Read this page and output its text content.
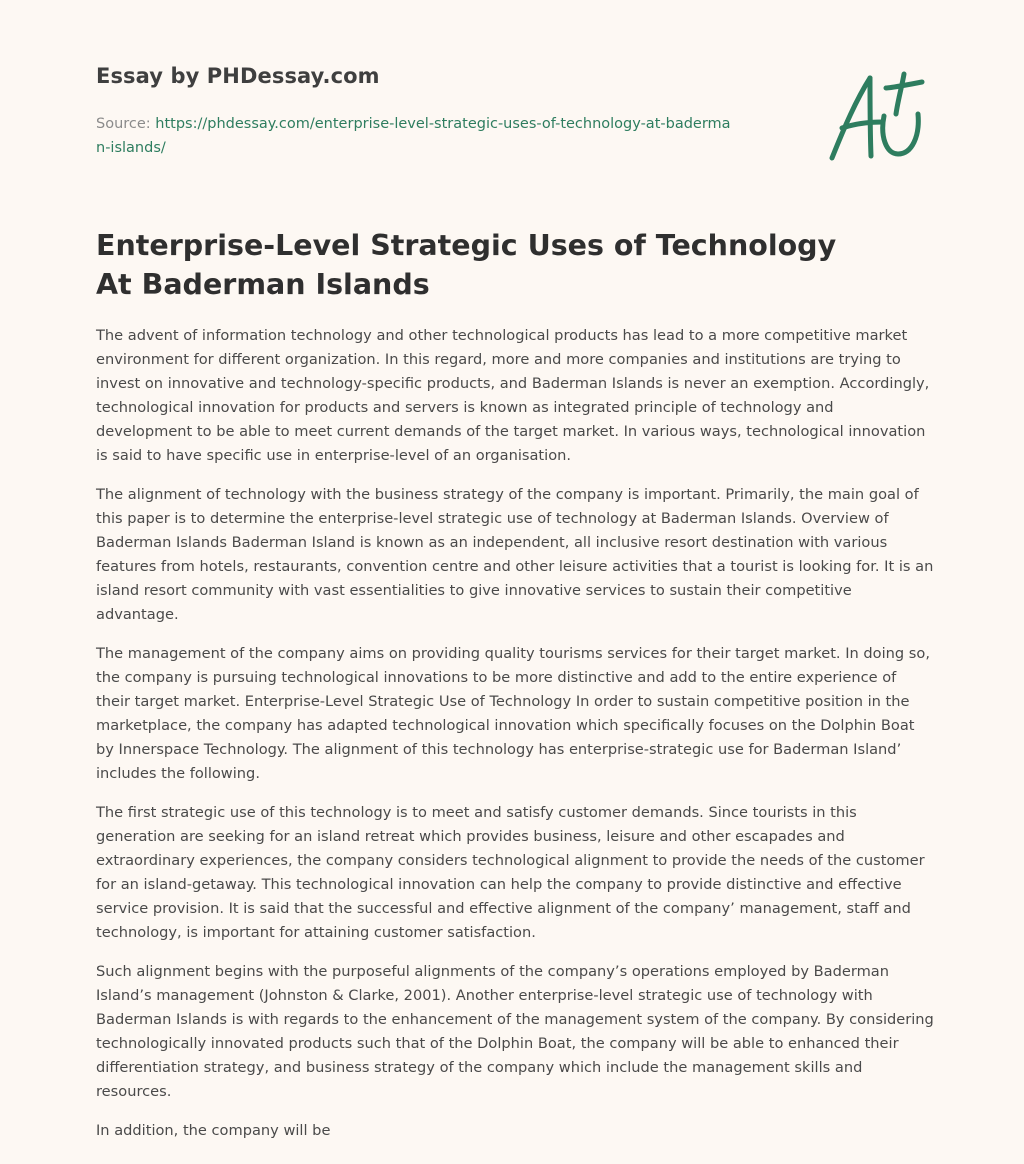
Essay by PHDessay.com
Source: https://phdessay.com/enterprise-level-strategic-uses-of-technology-at-baderman-islands/
Enterprise-Level Strategic Uses of Technology At Baderman Islands

The advent of information technology and other technological products has lead to a more competitive market environment for different organization. In this regard, more and more companies and institutions are trying to invest on innovative and technology-specific products, and Baderman Islands is never an exemption. Accordingly, technological innovation for products and servers is known as integrated principle of technology and development to be able to meet current demands of the target market. In various ways, technological innovation is said to have specific use in enterprise-level of an organisation.

The alignment of technology with the business strategy of the company is important. Primarily, the main goal of this paper is to determine the enterprise-level strategic use of technology at Baderman Islands. Overview of Baderman Islands Baderman Island is known as an independent, all inclusive resort destination with various features from hotels, restaurants, convention centre and other leisure activities that a tourist is looking for. It is an island resort community with vast essentialities to give innovative services to sustain their competitive advantage.

The management of the company aims on providing quality tourisms services for their target market. In doing so, the company is pursuing technological innovations to be more distinctive and add to the entire experience of their target market. Enterprise-Level Strategic Use of Technology In order to sustain competitive position in the marketplace, the company has adapted technological innovation which specifically focuses on the Dolphin Boat by Innerspace Technology. The alignment of this technology has enterprise-strategic use for Baderman Island’ includes the following.

The first strategic use of this technology is to meet and satisfy customer demands. Since tourists in this generation are seeking for an island retreat which provides business, leisure and other escapades and extraordinary experiences, the company considers technological alignment to provide the needs of the customer for an island-getaway. This technological innovation can help the company to provide distinctive and effective service provision. It is said that the successful and effective alignment of the company’ management, staff and technology, is important for attaining customer satisfaction.

Such alignment begins with the purposeful alignments of the company’s operations employed by Baderman Island’s management (Johnston & Clarke, 2001). Another enterprise-level strategic use of technology with Baderman Islands is with regards to the enhancement of the management system of the company. By considering technologically innovated products such that of the Dolphin Boat, the company will be able to enhanced their differentiation strategy, and business strategy of the company which include the management skills and resources.

In addition, the company will be
